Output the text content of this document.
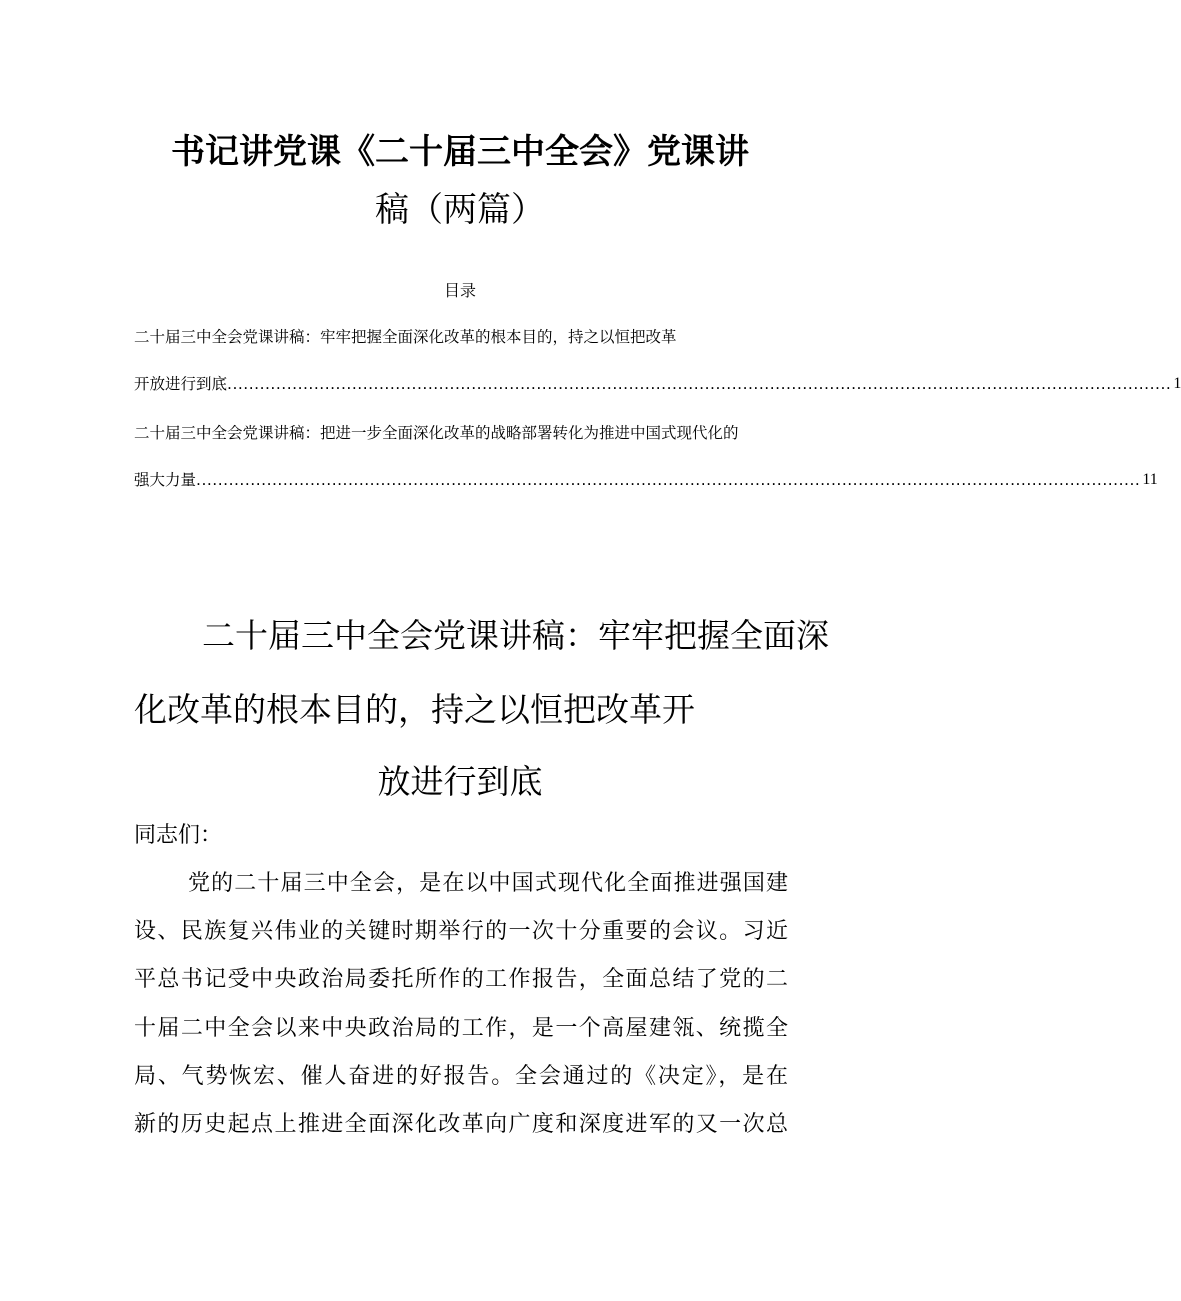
书记讲党课《二十届三中全会》党课讲
稿（两篇）
目录
二十届三中全会党课讲稿：牢牢把握全面深化改革的根本目的，持之以恒把改革
开放进行到底 .............................................................................................................................................................................. 1
二十届三中全会党课讲稿：把进一步全面深化改革的战略部署转化为推进中国式现代化的
强大力量 .............................................................................................................................................................................. 11
二十届三中全会党课讲稿：牢牢把握全面深
化改革的根本目的，持之以恒把改革开
放进行到底
同志们：
党的二十届三中全会，是在以中国式现代化全面推进强国建
设、民族复兴伟业的关键时期举行的一次十分重要的会议。习近
平总书记受中央政治局委托所作的工作报告，全面总结了党的二
十届二中全会以来中央政治局的工作，是一个高屋建瓴、统揽全
局、气势恢宏、催人奋进的好报告。全会通过的《决定》，是在
新的历史起点上推进全面深化改革向广度和深度进军的又一次总
